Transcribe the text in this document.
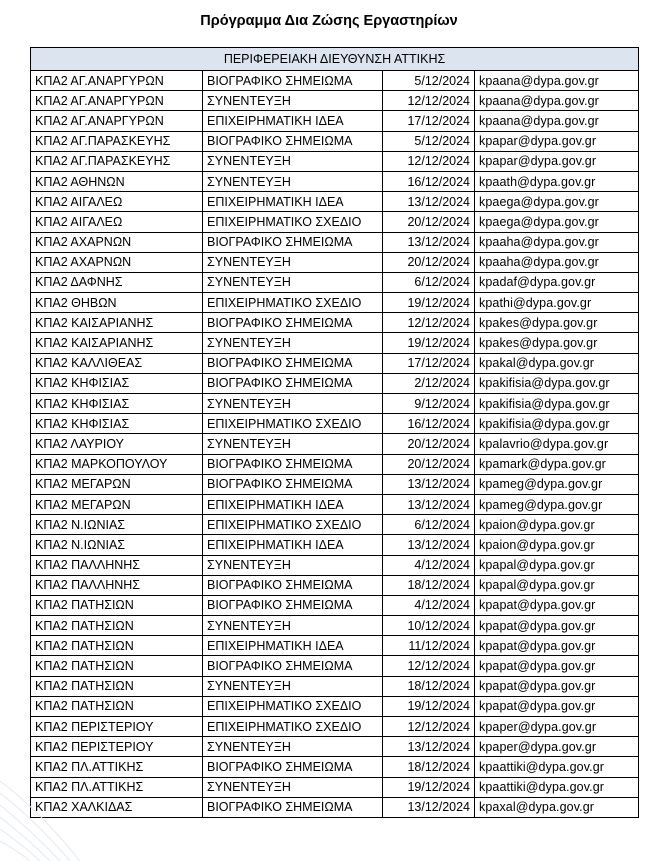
Πρόγραμμα Δια Ζώσης Εργαστηρίων
ΠΕΡΙΦΕΡΕΙΑΚΗ ΔΙΕΥΘΥΝΣΗ ΑΤΤΙΚΗΣ			
ΚΠΑ2 ΑΓ.ΑΝΑΡΓΥΡΩΝ	ΒΙΟΓΡΑΦΙΚΟ ΣΗΜΕΙΩΜΑ	5/12/2024	kpaana@dypa.gov.gr
ΚΠΑ2 ΑΓ.ΑΝΑΡΓΥΡΩΝ	ΣΥΝΕΝΤΕΥΞΗ	12/12/2024	kpaana@dypa.gov.gr
ΚΠΑ2 ΑΓ.ΑΝΑΡΓΥΡΩΝ	ΕΠΙΧΕΙΡΗΜΑΤΙΚΗ ΙΔΕΑ	17/12/2024	kpaana@dypa.gov.gr
ΚΠΑ2 ΑΓ.ΠΑΡΑΣΚΕΥΗΣ	ΒΙΟΓΡΑΦΙΚΟ ΣΗΜΕΙΩΜΑ	5/12/2024	kpapar@dypa.gov.gr
ΚΠΑ2 ΑΓ.ΠΑΡΑΣΚΕΥΗΣ	ΣΥΝΕΝΤΕΥΞΗ	12/12/2024	kpapar@dypa.gov.gr
ΚΠΑ2 ΑΘΗΝΩΝ	ΣΥΝΕΝΤΕΥΞΗ	16/12/2024	kpaath@dypa.gov.gr
ΚΠΑ2 ΑΙΓΑΛΕΩ	ΕΠΙΧΕΙΡΗΜΑΤΙΚΗ ΙΔΕΑ	13/12/2024	kpaega@dypa.gov.gr
ΚΠΑ2 ΑΙΓΑΛΕΩ	ΕΠΙΧΕΙΡΗΜΑΤΙΚΟ ΣΧΕΔΙΟ	20/12/2024	kpaega@dypa.gov.gr
ΚΠΑ2 ΑΧΑΡΝΩΝ	ΒΙΟΓΡΑΦΙΚΟ ΣΗΜΕΙΩΜΑ	13/12/2024	kpaaha@dypa.gov.gr
ΚΠΑ2 ΑΧΑΡΝΩΝ	ΣΥΝΕΝΤΕΥΞΗ	20/12/2024	kpaaha@dypa.gov.gr
ΚΠΑ2 ΔΑΦΝΗΣ	ΣΥΝΕΝΤΕΥΞΗ	6/12/2024	kpadaf@dypa.gov.gr
ΚΠΑ2 ΘΗΒΩΝ	ΕΠΙΧΕΙΡΗΜΑΤΙΚΟ ΣΧΕΔΙΟ	19/12/2024	kpathi@dypa.gov.gr
ΚΠΑ2 ΚΑΙΣΑΡΙΑΝΗΣ	ΒΙΟΓΡΑΦΙΚΟ ΣΗΜΕΙΩΜΑ	12/12/2024	kpakes@dypa.gov.gr
ΚΠΑ2 ΚΑΙΣΑΡΙΑΝΗΣ	ΣΥΝΕΝΤΕΥΞΗ	19/12/2024	kpakes@dypa.gov.gr
ΚΠΑ2 ΚΑΛΛΙΘΕΑΣ	ΒΙΟΓΡΑΦΙΚΟ ΣΗΜΕΙΩΜΑ	17/12/2024	kpakal@dypa.gov.gr
ΚΠΑ2 ΚΗΦΙΣΙΑΣ	ΒΙΟΓΡΑΦΙΚΟ ΣΗΜΕΙΩΜΑ	2/12/2024	kpakifisia@dypa.gov.gr
ΚΠΑ2 ΚΗΦΙΣΙΑΣ	ΣΥΝΕΝΤΕΥΞΗ	9/12/2024	kpakifisia@dypa.gov.gr
ΚΠΑ2 ΚΗΦΙΣΙΑΣ	ΕΠΙΧΕΙΡΗΜΑΤΙΚΟ ΣΧΕΔΙΟ	16/12/2024	kpakifisia@dypa.gov.gr
ΚΠΑ2 ΛΑΥΡΙΟΥ	ΣΥΝΕΝΤΕΥΞΗ	20/12/2024	kpalavrio@dypa.gov.gr
ΚΠΑ2 ΜΑΡΚΟΠΟΥΛΟΥ	ΒΙΟΓΡΑΦΙΚΟ ΣΗΜΕΙΩΜΑ	20/12/2024	kpamark@dypa.gov.gr
ΚΠΑ2 ΜΕΓΑΡΩΝ	ΒΙΟΓΡΑΦΙΚΟ ΣΗΜΕΙΩΜΑ	13/12/2024	kpameg@dypa.gov.gr
ΚΠΑ2 ΜΕΓΑΡΩΝ	ΕΠΙΧΕΙΡΗΜΑΤΙΚΗ ΙΔΕΑ	13/12/2024	kpameg@dypa.gov.gr
ΚΠΑ2 Ν.ΙΩΝΙΑΣ	ΕΠΙΧΕΙΡΗΜΑΤΙΚΟ ΣΧΕΔΙΟ	6/12/2024	kpaion@dypa.gov.gr
ΚΠΑ2 Ν.ΙΩΝΙΑΣ	ΕΠΙΧΕΙΡΗΜΑΤΙΚΗ ΙΔΕΑ	13/12/2024	kpaion@dypa.gov.gr
ΚΠΑ2 ΠΑΛΛΗΝΗΣ	ΣΥΝΕΝΤΕΥΞΗ	4/12/2024	kpapal@dypa.gov.gr
ΚΠΑ2 ΠΑΛΛΗΝΗΣ	ΒΙΟΓΡΑΦΙΚΟ ΣΗΜΕΙΩΜΑ	18/12/2024	kpapal@dypa.gov.gr
ΚΠΑ2 ΠΑΤΗΣΙΩΝ	ΒΙΟΓΡΑΦΙΚΟ ΣΗΜΕΙΩΜΑ	4/12/2024	kpapat@dypa.gov.gr
ΚΠΑ2 ΠΑΤΗΣΙΩΝ	ΣΥΝΕΝΤΕΥΞΗ	10/12/2024	kpapat@dypa.gov.gr
ΚΠΑ2 ΠΑΤΗΣΙΩΝ	ΕΠΙΧΕΙΡΗΜΑΤΙΚΗ ΙΔΕΑ	11/12/2024	kpapat@dypa.gov.gr
ΚΠΑ2 ΠΑΤΗΣΙΩΝ	ΒΙΟΓΡΑΦΙΚΟ ΣΗΜΕΙΩΜΑ	12/12/2024	kpapat@dypa.gov.gr
ΚΠΑ2 ΠΑΤΗΣΙΩΝ	ΣΥΝΕΝΤΕΥΞΗ	18/12/2024	kpapat@dypa.gov.gr
ΚΠΑ2 ΠΑΤΗΣΙΩΝ	ΕΠΙΧΕΙΡΗΜΑΤΙΚΟ ΣΧΕΔΙΟ	19/12/2024	kpapat@dypa.gov.gr
ΚΠΑ2 ΠΕΡΙΣΤΕΡΙΟΥ	ΕΠΙΧΕΙΡΗΜΑΤΙΚΟ ΣΧΕΔΙΟ	12/12/2024	kpaper@dypa.gov.gr
ΚΠΑ2 ΠΕΡΙΣΤΕΡΙΟΥ	ΣΥΝΕΝΤΕΥΞΗ	13/12/2024	kpaper@dypa.gov.gr
ΚΠΑ2 ΠΛ.ΑΤΤΙΚΗΣ	ΒΙΟΓΡΑΦΙΚΟ ΣΗΜΕΙΩΜΑ	18/12/2024	kpaattiki@dypa.gov.gr
ΚΠΑ2 ΠΛ.ΑΤΤΙΚΗΣ	ΣΥΝΕΝΤΕΥΞΗ	19/12/2024	kpaattiki@dypa.gov.gr
ΚΠΑ2 ΧΑΛΚΙΔΑΣ	ΒΙΟΓΡΑΦΙΚΟ ΣΗΜΕΙΩΜΑ	13/12/2024	kpaxal@dypa.gov.gr
